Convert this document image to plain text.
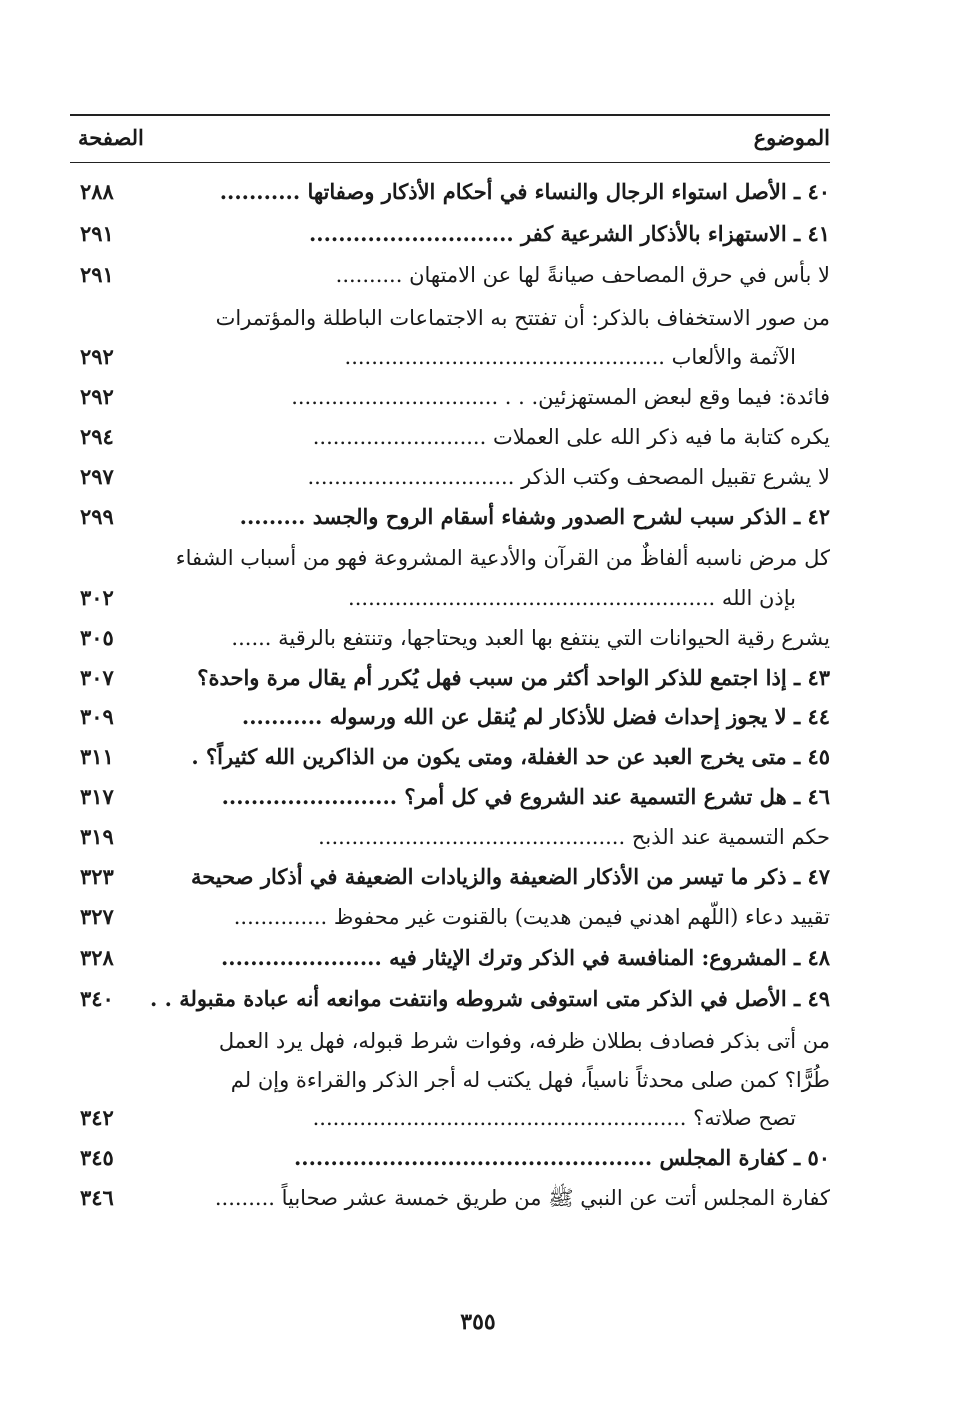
الموضوع
الصفحة
٤٠ ـ الأصل استواء الرجال والنساء في أحكام الأذكار وصفاتها ...........
٢٨٨
٤١ ـ الاستهزاء بالأذكار الشرعية كفر ............................
٢٩١
لا بأس في حرق المصاحف صيانةً لها عن الامتهان ..........
٢٩١
من صور الاستخفاف بالذكر: أن تفتتح به الاجتماعات الباطلة والمؤتمرات
الآثمة والألعاب ................................................
٢٩٢
فائدة: فيما وقع لبعض المستهزئين. . . ...............................
٢٩٢
يكره كتابة ما فيه ذكر الله على العملات ..........................
٢٩٤
لا يشرع تقبيل المصحف وكتب الذكر ...............................
٢٩٧
٤٢ ـ الذكر سبب لشرح الصدور وشفاء أسقام الروح والجسد .........
٢٩٩
كل مرض ناسبه ألفاظٌ من القرآن والأدعية المشروعة فهو من أسباب الشفاء
بإذن الله .......................................................
٣٠٢
يشرع رقية الحيوانات التي ينتفع بها العبد ويحتاجها، وتنتفع بالرقية ......
٣٠٥
٤٣ ـ إذا اجتمع للذكر الواحد أكثر من سبب فهل يُكرر أم يقال مرة واحدة؟
٣٠٧
٤٤ ـ لا يجوز إحداث فضل للأذكار لم يُنقل عن الله ورسوله ...........
٣٠٩
٤٥ ـ متى يخرج العبد عن حد الغفلة، ومتى يكون من الذاكرين الله كثيراً؟ .
٣١١
٤٦ ـ هل تشرع التسمية عند الشروع في كل أمر؟ ........................
٣١٧
حكم التسمية عند الذبح ..............................................
٣١٩
٤٧ ـ ذكر ما تيسر من الأذكار الضعيفة والزيادات الضعيفة في أذكار صحيحة
٣٢٣
تقييد دعاء (اللّهم اهدني فيمن هديت) بالقنوت غير محفوظ ..............
٣٢٧
٤٨ ـ المشروع: المنافسة في الذكر وترك الإيثار فيه ......................
٣٢٨
٤٩ ـ الأصل في الذكر متى استوفى شروطه وانتفت موانعه أنه عبادة مقبولة . .
٣٤٠
من أتى بذكر فصادف بطلان ظرفه، وفوات شرط قبوله، فهل يرد العمل
طُرًّا؟ كمن صلى محدثاً ناسياً، فهل يكتب له أجر الذكر والقراءة وإن لم
تصح صلاته؟ ........................................................
٣٤٢
٥٠ ـ كفارة المجلس .................................................
٣٤٥
كفارة المجلس أتت عن النبي ﷺ من طريق خمسة عشر صحابياً .........
٣٤٦
٣٥٥
